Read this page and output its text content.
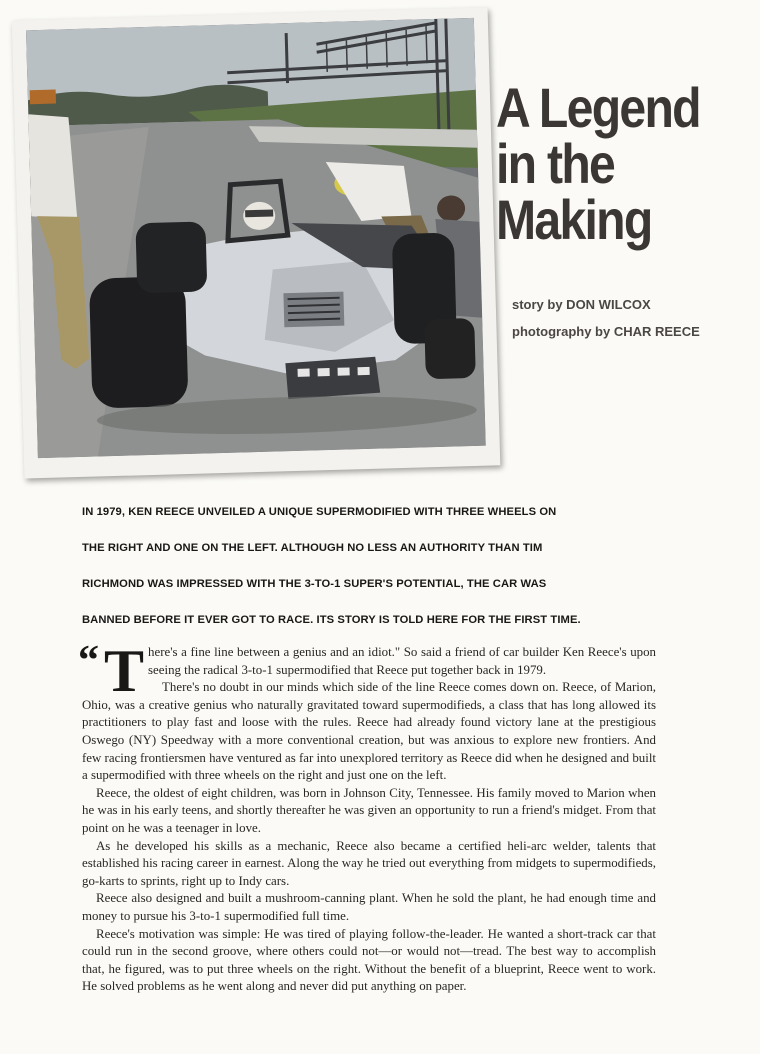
A Legend
in the
Making
story by DON WILCOX
photography by CHAR REECE
IN 1979, KEN REECE UNVEILED A UNIQUE SUPERMODIFIED WITH THREE WHEELS ON
THE RIGHT AND ONE ON THE LEFT. ALTHOUGH NO LESS AN AUTHORITY THAN TIM
RICHMOND WAS IMPRESSED WITH THE 3-TO-1 SUPER'S POTENTIAL, THE CAR WAS
BANNED BEFORE IT EVER GOT TO RACE. ITS STORY IS TOLD HERE FOR THE FIRST TIME.

“ T here's a fine line between a genius and an idiot." So said a friend of car builder Ken Reece's upon seeing the radical 3-to-1 supermodified that Reece put together back in 1979.

There's no doubt in our minds which side of the line Reece comes down on. Reece, of Marion, Ohio, was a creative genius who naturally gravitated toward supermodifieds, a class that has long allowed its practitioners to play fast and loose with the rules. Reece had already found victory lane at the prestigious Oswego (NY) Speedway with a more conventional creation, but was anxious to explore new frontiers. And few racing frontiersmen have ventured as far into unexplored territory as Reece did when he designed and built a supermodified with three wheels on the right and just one on the left.

Reece, the oldest of eight children, was born in Johnson City, Tennessee. His family moved to Marion when he was in his early teens, and shortly thereafter he was given an opportunity to run a friend's midget. From that point on he was a teenager in love.

As he developed his skills as a mechanic, Reece also became a certified heli-arc welder, talents that established his racing career in earnest. Along the way he tried out everything from midgets to supermodifieds, go-karts to sprints, right up to Indy cars.

Reece also designed and built a mushroom-canning plant. When he sold the plant, he had enough time and money to pursue his 3-to-1 supermodified full time.

Reece's motivation was simple: He was tired of playing follow-the-leader. He wanted a short-track car that could run in the second groove, where others could not—or would not—tread. The best way to accomplish that, he figured, was to put three wheels on the right. Without the benefit of a blueprint, Reece went to work. He solved problems as he went along and never did put anything on paper.
